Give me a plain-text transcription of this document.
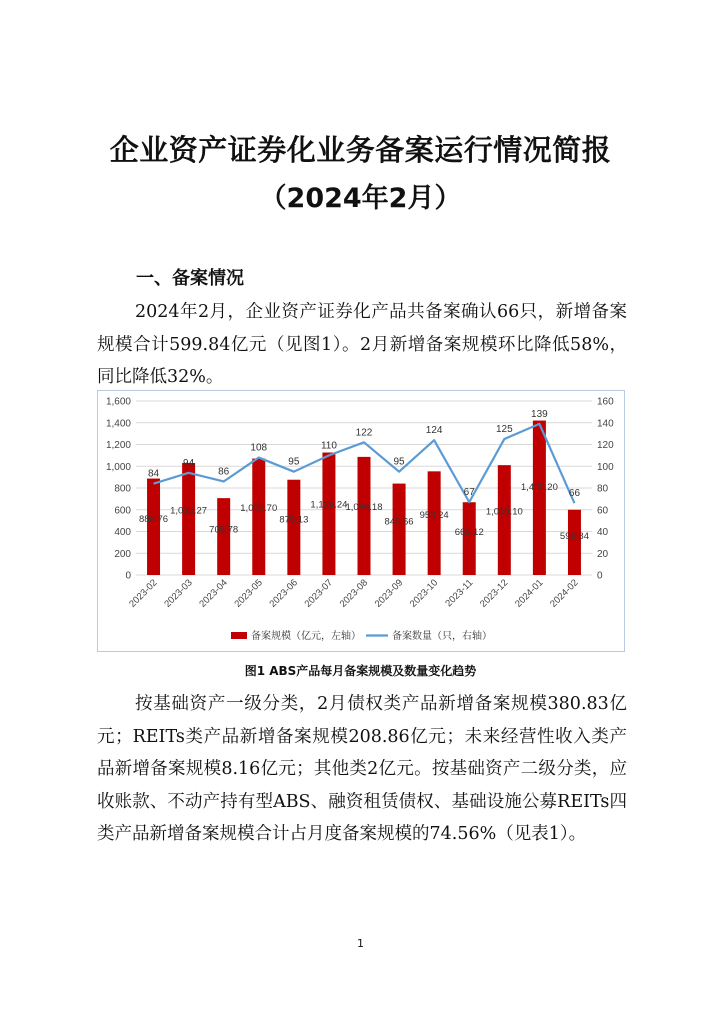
企业资产证券化业务备案运行情况简报
（2024年2月）
一、备案情况
2024年2月，企业资产证券化产品共备案确认66只，新增备案规模合计599.84亿元（见图1）。2月新增备案规模环比降低58%，同比降低32%。
0
200
400
600
800
1,000
1,200
1,400
1,600
0
20
40
60
80
100
120
140
160
886.76
1,030.27
706.78
1,070.70
876.13
1,126.24
1,086.18
840.66
953.24
669.12
1,010.10
1,420.20
599.84
84
94
86
108
95
110
122
95
124
67
125
139
66
2023-02 2023-03 2023-04 2023-05 2023-06 2023-07 2023-08 2023-09 2023-10 2023-11 2023-12 2024-01 2024-02
备案规模（亿元，左轴）	备案数量（只，右轴）
图1 ABS产品每月备案规模及数量变化趋势
按基础资产一级分类，2月债权类产品新增备案规模380.83亿元；REITs类产品新增备案规模208.86亿元；未来经营性收入类产品新增备案规模8.16亿元；其他类2亿元。按基础资产二级分类，应收账款、不动产持有型ABS、融资租赁债权、基础设施公募REITs四类产品新增备案规模合计占月度备案规模的74.56%（见表1）。
1
